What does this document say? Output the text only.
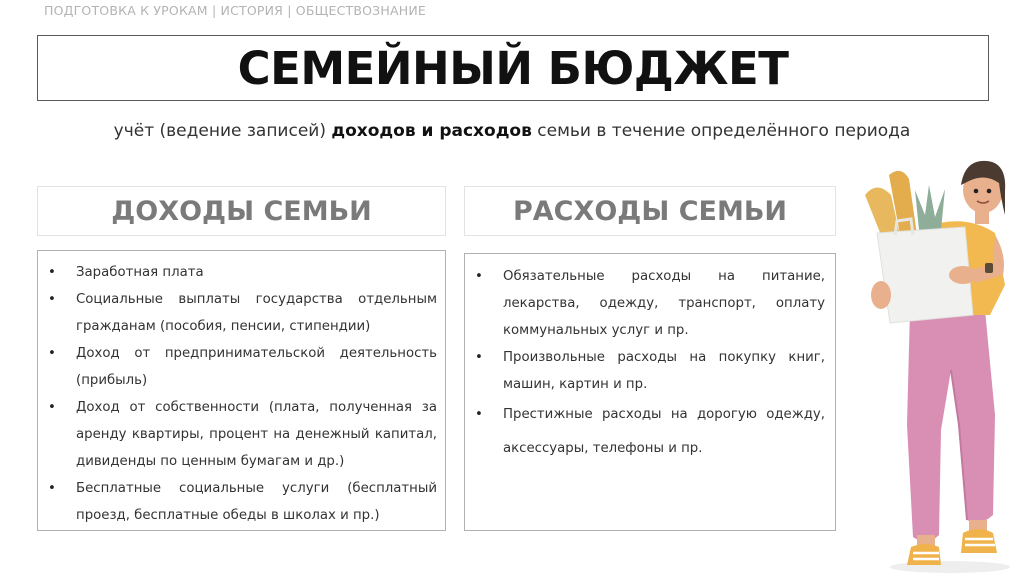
ПОДГОТОВКА К УРОКАМ | ИСТОРИЯ | ОБЩЕСТВОЗНАНИЕ
СЕМЕЙНЫЙ БЮДЖЕТ
учёт (ведение записей) доходов и расходов семьи в течение определённого периода
ДОХОДЫ СЕМЬИ
• Заработная плата
• Социальные выплаты государства отдельным гражданам (пособия, пенсии, стипендии)
• Доход от предпринимательской деятельность (прибыль)
• Доход от собственности (плата, полученная за аренду квартиры, процент на денежный капитал, дивиденды по ценным бумагам и др.)
• Бесплатные социальные услуги (бесплатный проезд, бесплатные обеды в школах и пр.)
РАСХОДЫ СЕМЬИ
• Обязательные расходы на питание, лекарства, одежду, транспорт, оплату коммунальных услуг и пр.
• Произвольные расходы на покупку книг, машин, картин и пр.
• Престижные расходы на дорогую одежду, аксессуары, телефоны и пр.
